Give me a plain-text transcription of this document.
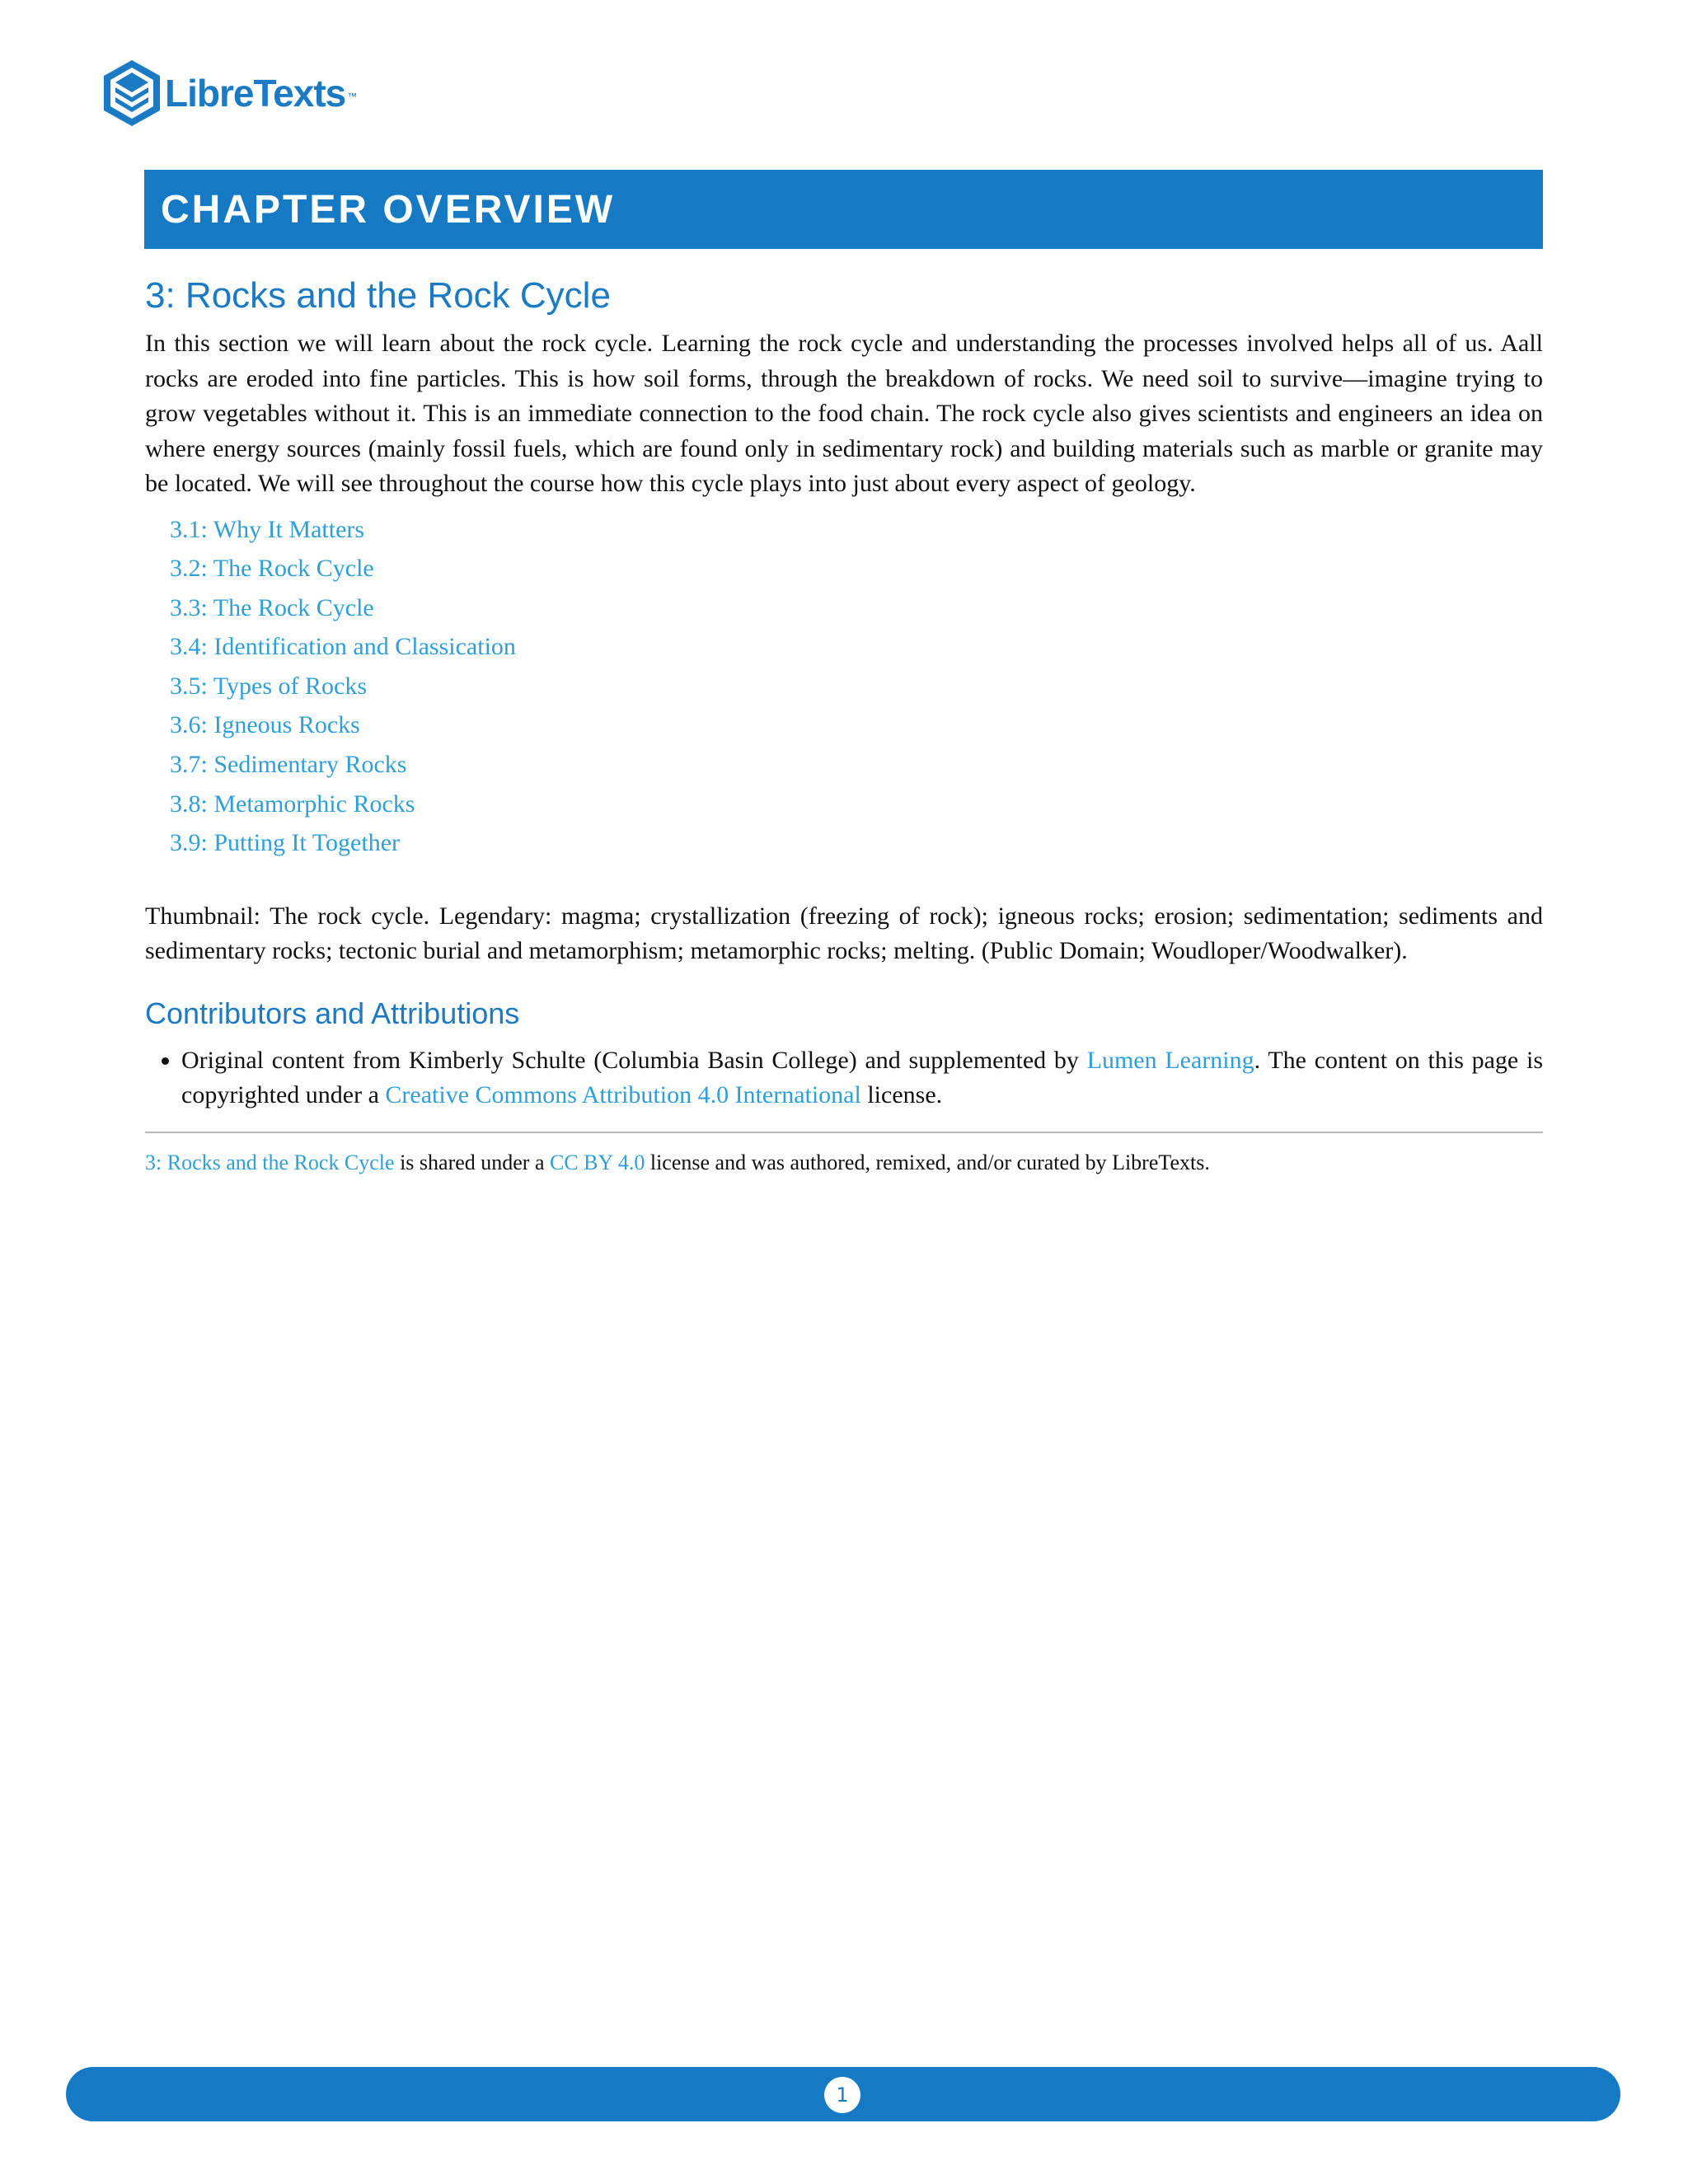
LibreTexts ™
CHAPTER OVERVIEW
3: Rocks and the Rock Cycle

In this section we will learn about the rock cycle. Learning the rock cycle and understanding the processes involved helps all of us. Aall rocks are eroded into fine particles. This is how soil forms, through the breakdown of rocks. We need soil to survive—imagine trying to grow vegetables without it. This is an immediate connection to the food chain. The rock cycle also gives scientists and engineers an idea on where energy sources (mainly fossil fuels, which are found only in sedimentary rock) and building materials such as marble or granite may be located. We will see throughout the course how this cycle plays into just about every aspect of geology.

3.1: Why It Matters
3.2: The Rock Cycle
3.3: The Rock Cycle
3.4: Identification and Classication
3.5: Types of Rocks
3.6: Igneous Rocks
3.7: Sedimentary Rocks
3.8: Metamorphic Rocks
3.9: Putting It Together

Thumbnail: The rock cycle. Legendary: magma; crystallization (freezing of rock); igneous rocks; erosion; sedimentation; sediments and sedimentary rocks; tectonic burial and metamorphism; metamorphic rocks; melting. (Public Domain; Woudloper/Woodwalker).

Contributors and Attributions
• Original content from Kimberly Schulte (Columbia Basin College) and supplemented by Lumen Learning. The content on this page is copyrighted under a Creative Commons Attribution 4.0 International license.
3: Rocks and the Rock Cycle is shared under a CC BY 4.0 license and was authored, remixed, and/or curated by LibreTexts.
1
